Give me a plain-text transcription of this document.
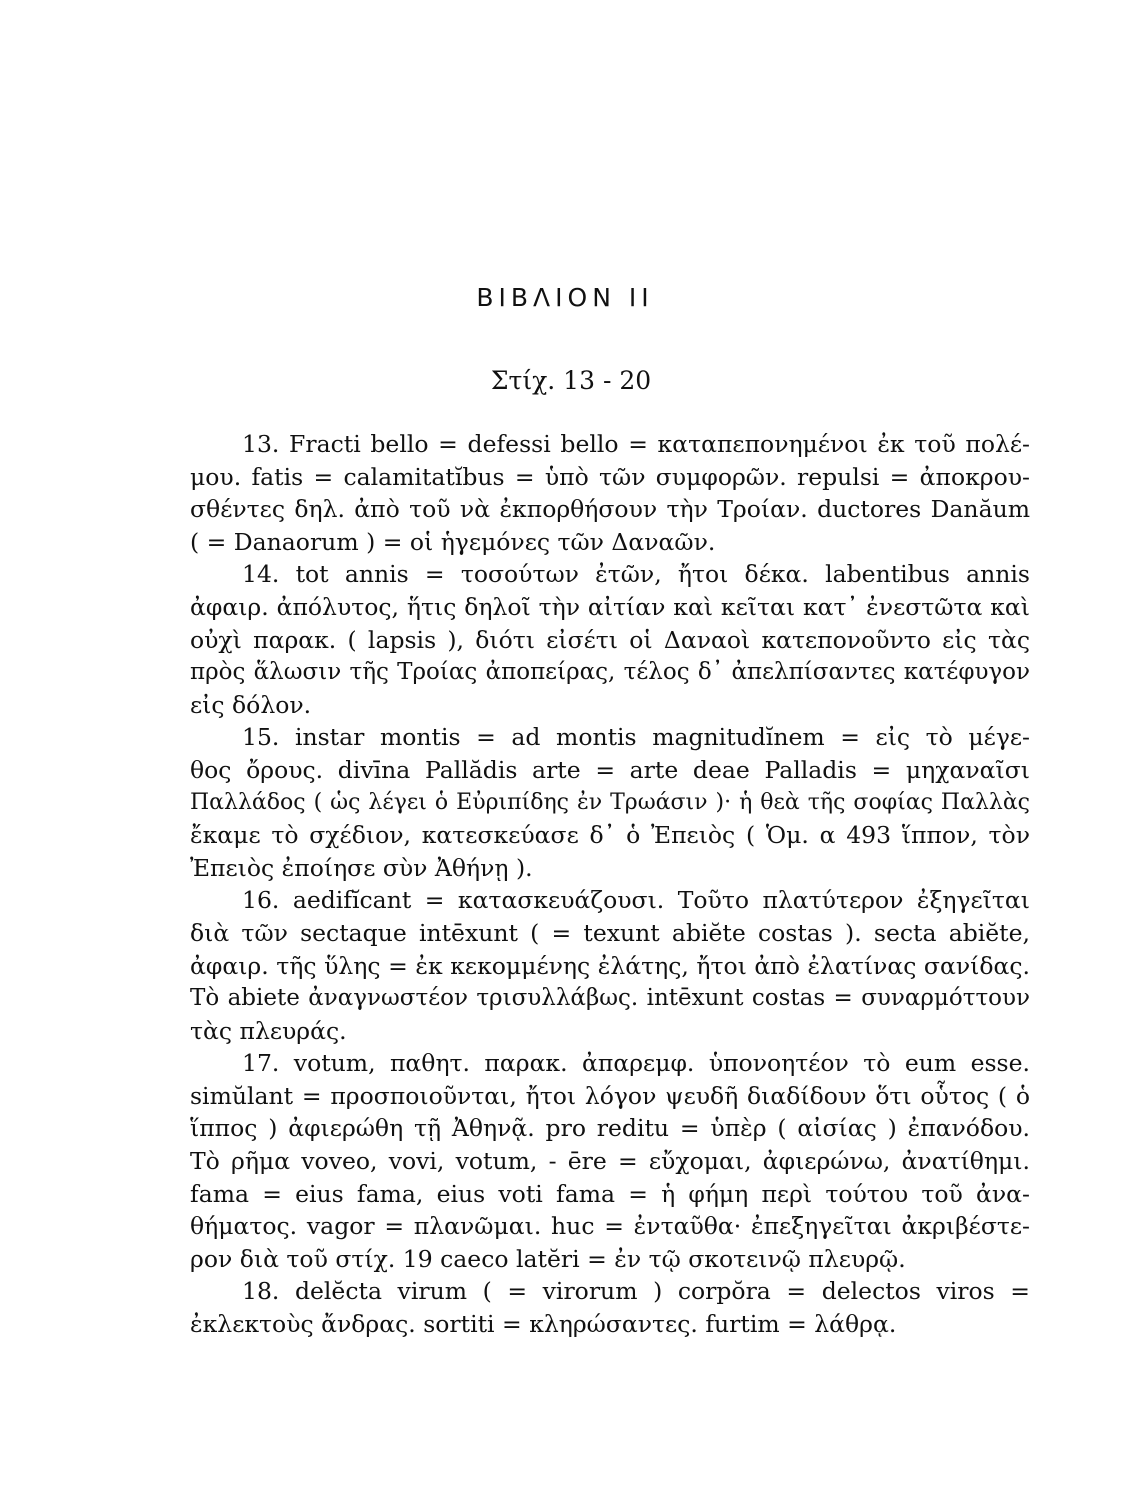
ΒΙΒΛΙΟΝ ΙΙ
Στίχ. 13 - 20
13. Fracti bello = defessi bello = καταπεπονημένοι ἐκ τοῦ πολέ-
μου. fatis = calamitatĭbus = ὑπὸ τῶν συμφορῶν. repulsi = ἀποκρου-
σθέντες δηλ. ἀπὸ τοῦ νὰ ἐκπορθήσουν τὴν Τροίαν. ductores Danăum
( = Danaorum ) = οἱ ἡγεμόνες τῶν Δαναῶν.
14. tot annis = τοσούτων ἐτῶν, ἤτοι δέκα. labentibus annis
ἀφαιρ. ἀπόλυτος, ἥτις δηλοῖ τὴν αἰτίαν καὶ κεῖται κατ᾽ ἐνεστῶτα καὶ
οὐχὶ παρακ. ( lapsis ), διότι εἰσέτι οἱ Δαναοὶ κατεπονοῦντο εἰς τὰς
πρὸς ἅλωσιν τῆς Τροίας ἀποπείρας, τέλος δ᾽ ἀπελπίσαντες κατέφυγον
εἰς δόλον.
15. instar montis = ad montis magnitudĭnem = εἰς τὸ μέγε-
θος ὄρους. divīna Pallădis arte = arte deae Palladis = μηχαναῖσι
Παλλάδος ( ὡς λέγει ὁ Εὐριπίδης ἐν Τρωάσιν )· ἡ θεὰ τῆς σοφίας Παλλὰς
ἔκαμε τὸ σχέδιον, κατεσκεύασε δ᾽ ὁ Ἐπειὸς ( Ὁμ. α 493 ἵππον, τὸν
Ἐπειὸς ἐποίησε σὺν Ἀθήνῃ ).
16. aedifĭcant = κατασκευάζουσι. Τοῦτο πλατύτερον ἐξηγεῖται
διὰ τῶν sectaque intēxunt ( = texunt abiĕte costas ). secta abiĕte,
ἀφαιρ. τῆς ὕλης = ἐκ κεκομμένης ἐλάτης, ἤτοι ἀπὸ ἐλατίνας σανίδας.
Τὸ abiete ἀναγνωστέον τρισυλλάβως. intēxunt costas = συναρμόττουν
τὰς πλευράς.
17. votum, παθητ. παρακ. ἀπαρεμφ. ὑπονοητέον τὸ eum esse.
simŭlant = προσποιοῦνται, ἤτοι λόγον ψευδῆ διαδίδουν ὅτι οὗτος ( ὁ
ἵππος ) ἀφιερώθη τῇ Ἀθηνᾷ. pro reditu = ὑπὲρ ( αἰσίας ) ἐπανόδου.
Τὸ ρῆμα voveo, vovi, votum, - ēre = εὔχομαι, ἀφιερώνω, ἀνατίθημι.
fama = eius fama, eius voti fama = ἡ φήμη περὶ τούτου τοῦ ἀνα-
θήματος. vagor = πλανῶμαι. huc = ἐνταῦθα· ἐπεξηγεῖται ἀκριβέστε-
ρον διὰ τοῦ στίχ. 19 caeco latĕri = ἐν τῷ σκοτεινῷ πλευρῷ.
18. delĕcta virum ( = virorum ) corpŏra = delectos viros =
ἐκλεκτοὺς ἄνδρας. sortiti = κληρώσαντες. furtim = λάθρᾳ.
